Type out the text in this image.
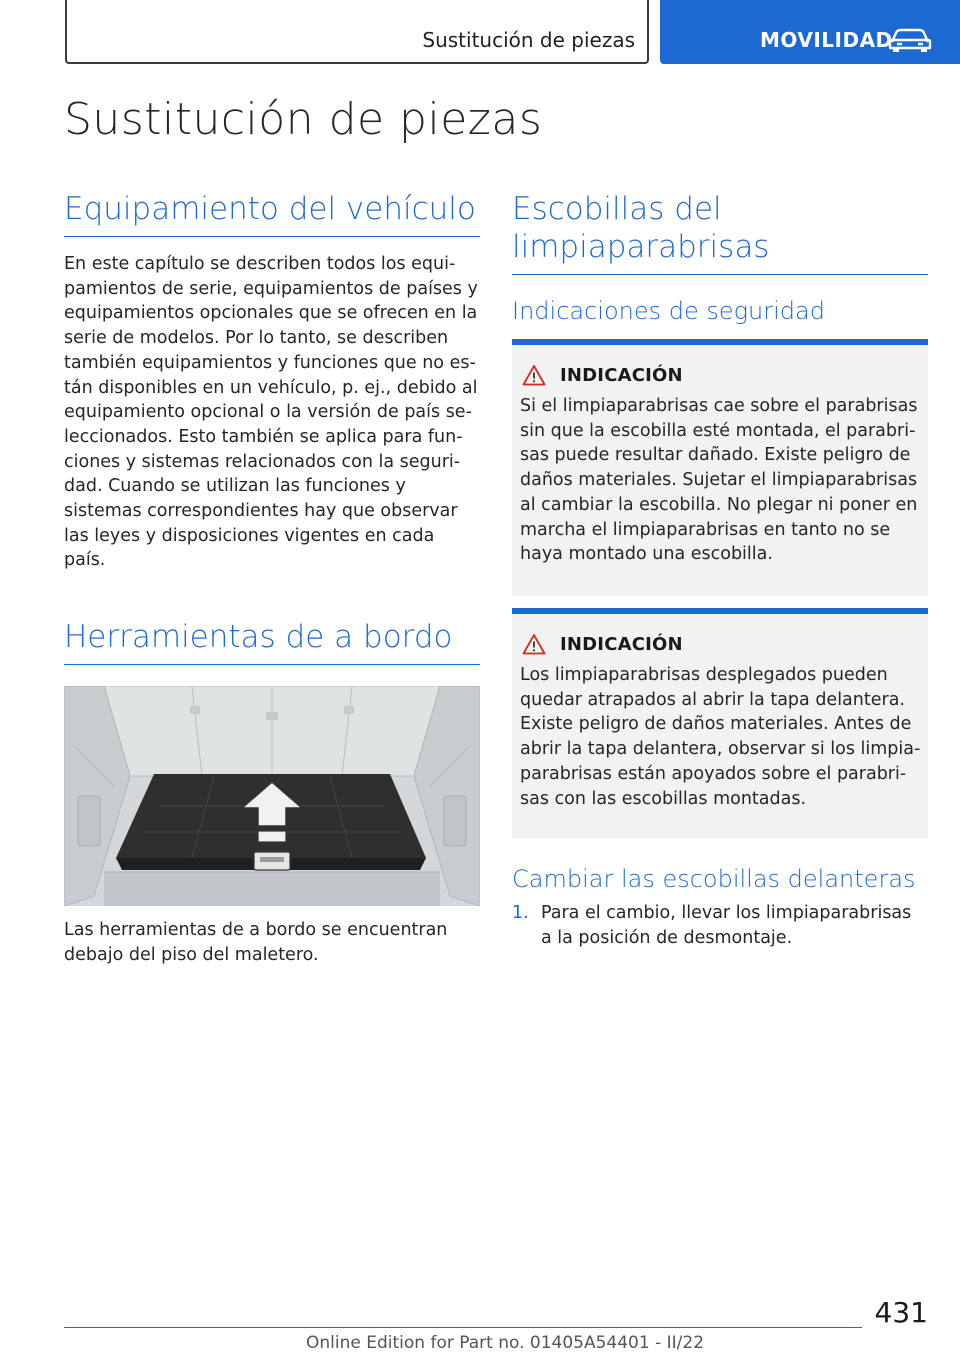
Sustitución de piezas	MOVILIDAD
Sustitución de piezas
Equipamiento del vehículo

En este capítulo se describen todos los equipamientos de serie, equipamientos de países y equipamientos opcionales que se ofrecen en la serie de modelos. Por lo tanto, se describen también equipamientos y funciones que no están disponibles en un vehículo, p. ej., debido al equipamiento opcional o la versión de país seleccionados. Esto también se aplica para funciones y sistemas relacionados con la seguridad. Cuando se utilizan las funciones y sistemas correspondientes hay que observar las leyes y disposiciones vigentes en cada país.

Herramientas de a bordo

Las herramientas de a bordo se encuentran debajo del piso del maletero.

Escobillas del limpiaparabrisas
Indicaciones de seguridad
INDICACIÓN
Si el limpiaparabrisas cae sobre el parabrisas sin que la escobilla esté montada, el parabrisas puede resultar dañado. Existe peligro de daños materiales. Sujetar el limpiaparabrisas al cambiar la escobilla. No plegar ni poner en marcha el limpiaparabrisas en tanto no se haya montado una escobilla.
INDICACIÓN
Los limpiaparabrisas desplegados pueden quedar atrapados al abrir la tapa delantera. Existe peligro de daños materiales. Antes de abrir la tapa delantera, observar si los limpiaparabrisas están apoyados sobre el parabrisas con las escobillas montadas.
Cambiar las escobillas delanteras
1. Para el cambio, llevar los limpiaparabrisas a la posición de desmontaje.
431
Online Edition for Part no. 01405A54401 - II/22
